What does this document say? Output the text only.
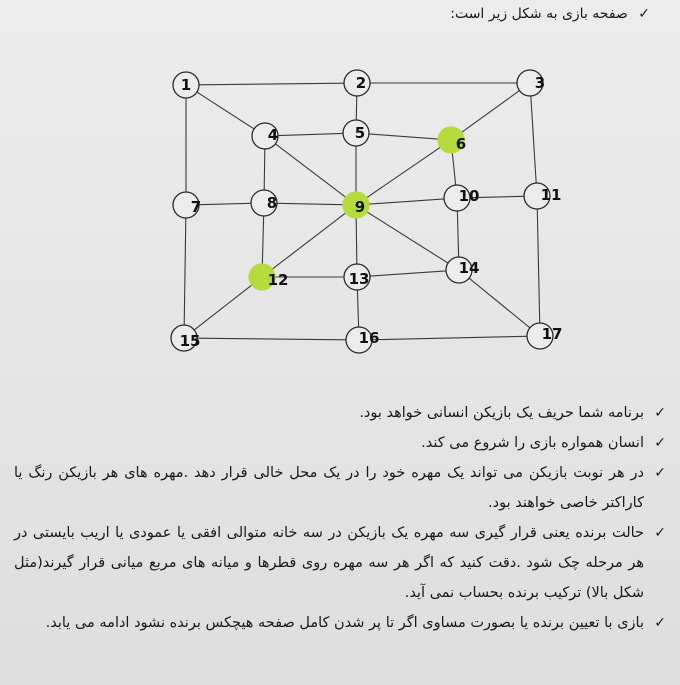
✓ صفحه بازی به شکل زیر است:
1	2	3
4	5
6
7	8	9
10	11
12	13
14
15	16	17
✓
برنامه شما حریف یک بازیکن انسانی خواهد بود.
✓
انسان همواره بازی را شروع می کند.
✓
در هر نوبت بازیکن می تواند یک مهره خود را در یک محل خالی قرار دهد .مهره های هر بازیکن رنگ یا کاراکتر خاصی خواهند بود.
✓
حالت برنده یعنی قرار گیری سه مهره یک بازیکن در سه خانه متوالی افقی یا عمودی یا اریب بایستی در هر مرحله چک شود .دقت کنید که اگر هر سه مهره روی قطرها و میانه های مربع میانی قرار گیرند(مثل شکل بالا) ترکیب برنده بحساب نمی آید.
✓
بازی با تعیین برنده یا بصورت مساوی اگر تا پر شدن کامل صفحه هیچکس برنده نشود ادامه می یابد.
